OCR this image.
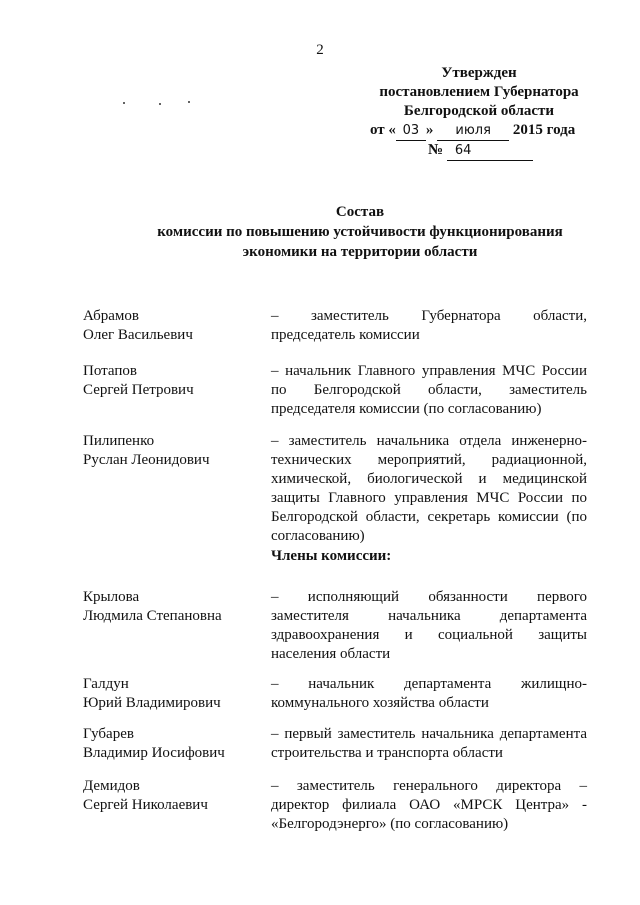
2
Утвержден
постановлением Губернатора
Белгородской области
от « 03 » июля 2015 года
№ 64
Состав
комиссии по повышению устойчивости функционирования
экономики на территории области
Абрамов
Олег Васильевич
– заместитель Губернатора области, председатель комиссии
Потапов
Сергей Петрович
– начальник Главного управления МЧС России по Белгородской области, заместитель председателя комиссии (по согласованию)
Пилипенко
Руслан Леонидович
– заместитель начальника отдела инженерно-технических мероприятий, радиационной, химической, биологической и медицинской защиты Главного управления МЧС России по Белгородской области, секретарь комиссии (по согласованию)
Члены комиссии:
Крылова
Людмила Степановна
– исполняющий обязанности первого заместителя начальника департамента здравоохранения и социальной защиты населения области
Галдун
Юрий Владимирович
– начальник департамента жилищно-коммунального хозяйства области
Губарев
Владимир Иосифович
– первый заместитель начальника департамента строительства и транспорта области
Демидов
Сергей Николаевич
– заместитель генерального директора – директор филиала ОАО «МРСК Центра» - «Белгородэнерго» (по согласованию)
